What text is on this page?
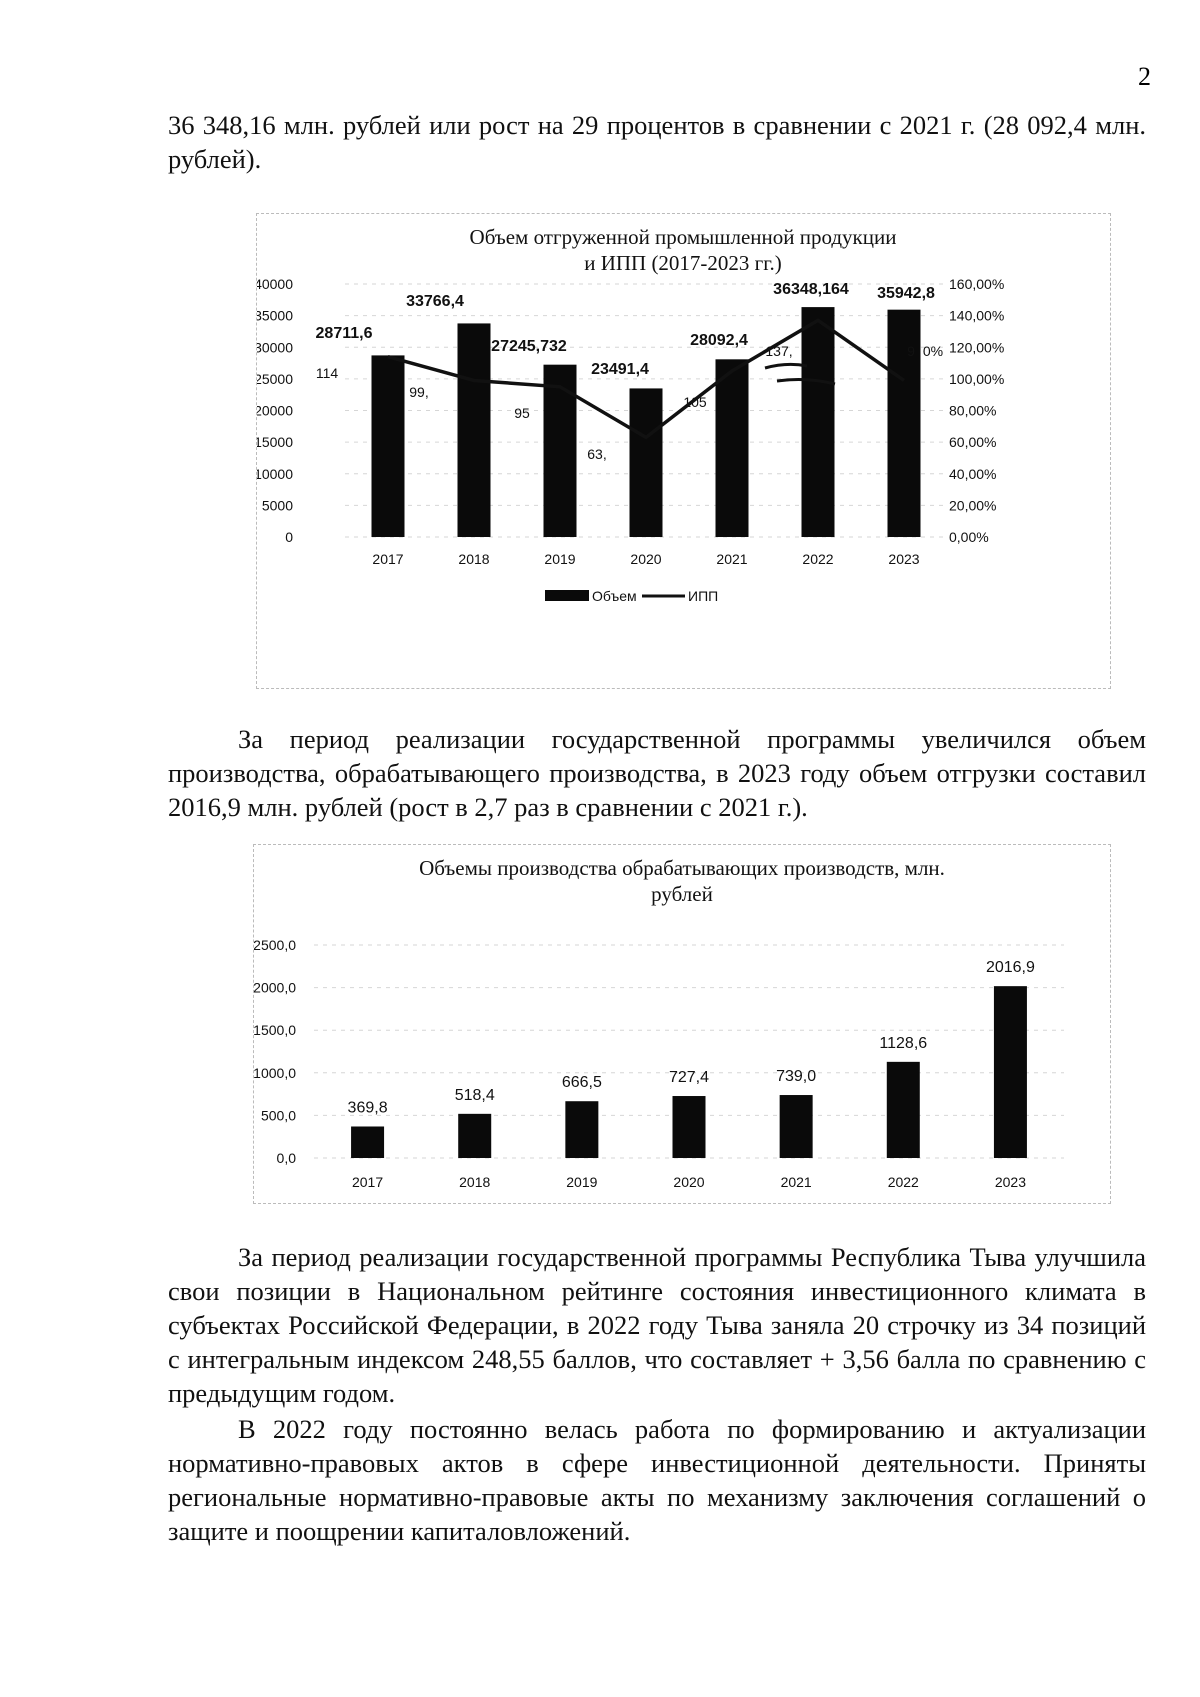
2
36 348,16 млн. рублей или рост на 29 процентов в сравнении с 2021 г. (28 092,4 млн. рублей).
Объем отгруженной промышленной продукции
и ИПП (2017-2023 гг.)
0
5000
10000
15000
20000
25000
30000
35000
40000
0,00%
20,00%
40,00%
60,00%
80,00%
100,00%
120,00%
140,00%
160,00%
2017	2018	2019	2020	2021	2022	2023
28711,6
33766,4
27245,732
23491,4
28092,4
36348,164 35942,8
114
99,
95
63,
105
137,	9 0%
Объем	ИПП
За период реализации государственной программы увеличился объем производства, обрабатывающего производства, в 2023 году объем отгрузки составил 2016,9 млн. рублей (рост в 2,7 раз в сравнении с 2021 г.).
Объемы производства обрабатывающих производств, млн.
рублей
0,0
500,0
1000,0
1500,0
2000,0
2500,0
369,8
2017
518,4
2018
666,5
2019
727,4
2020
739,0
2021
1128,6
2022
2016,9
2023
За период реализации государственной программы Республика Тыва улучшила свои позиции в Национальном рейтинге состояния инвестиционного климата в субъектах Российской Федерации, в 2022 году Тыва заняла 20 строчку из 34 позиций с интегральным индексом 248,55 баллов, что составляет + 3,56 балла по сравнению с предыдущим годом.
В 2022 году постоянно велась работа по формированию и актуализации нормативно-правовых актов в сфере инвестиционной деятельности. Приняты региональные нормативно-правовые акты по механизму заключения соглашений о защите и поощрении капиталовложений.
